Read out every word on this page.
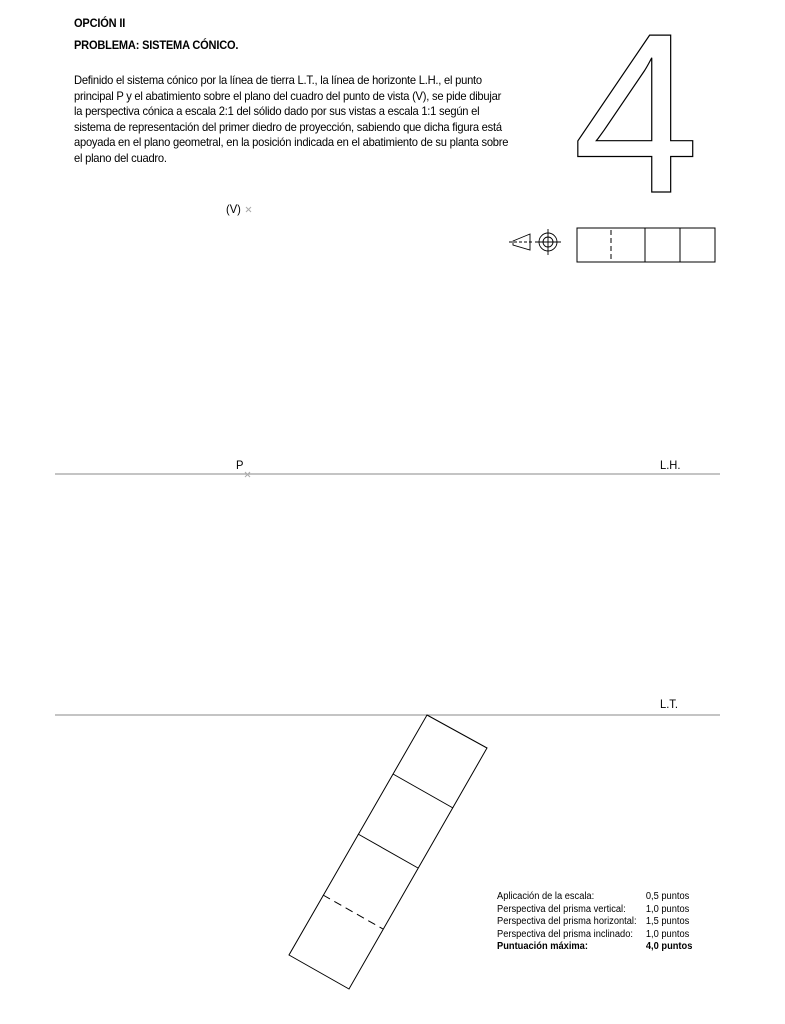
OPCIÓN II
PROBLEMA: SISTEMA CÓNICO.

Definido el sistema cónico por la línea de tierra L.T., la línea de horizonte L.H., el punto principal P y el abatimiento sobre el plano del cuadro del punto de vista (V), se pide dibujar la perspectiva cónica a escala 2:1 del sólido dado por sus vistas a escala 1:1 según el sistema de representación del primer diedro de proyección, sabiendo que dicha figura está apoyada en el plano geometral, en la posición indicada en el abatimiento de su planta sobre el plano del cuadro.	4

(V)

P	L.H.

L.T.

Aplicación de la escala:	0,5 puntos
Perspectiva del prisma vertical:	1,0 puntos
Perspectiva del prisma horizontal:	1,5 puntos
Perspectiva del prisma inclinado:	1,0 puntos
Puntuación máxima:	4,0 puntos
